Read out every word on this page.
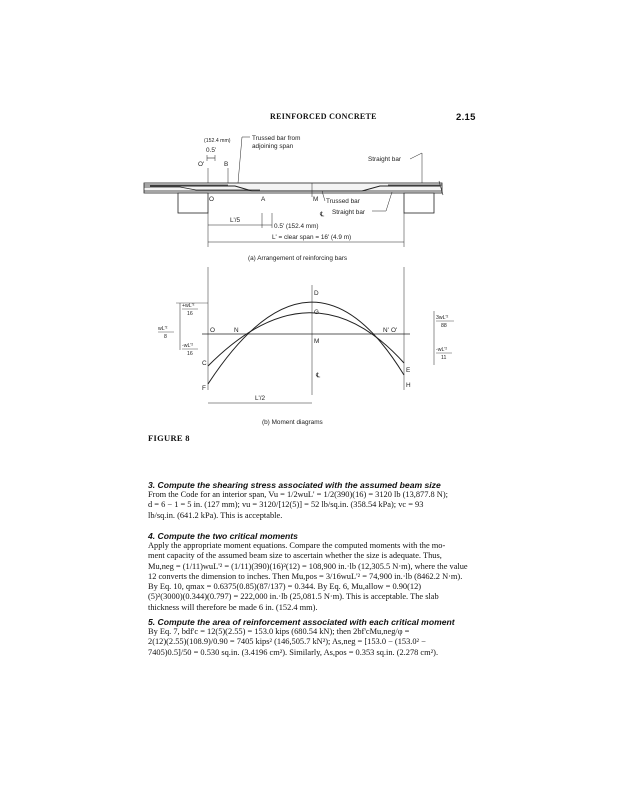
REINFORCED CONCRETE	2.15
(152.4 mm)
0.5'
Trussed bar from
adjoining span
Straight bar
O'	B
O	A	M Trussed bar
℄ Straight bar
L'/5
0.5' (152.4 mm)
L' = clear span = 16' (4.9 m)
(a) Arrangement of reinforcing bars
D
G
O	N
M
N' O'
C
F
E
H
℄
+wL'²
16
wL'²
8
-wL'²
16
3wL'²
88
-wL'²
11
L'/2
(b) Moment diagrams
FIGURE 8
3. Compute the shearing stress associated with the assumed beam size
From the Code for an interior span, Vu = 1/2wuL' = 1/2(390)(16) = 3120 lb (13,877.8 N);
d = 6 − 1 = 5 in. (127 mm); vu = 3120/[12(5)] = 52 lb/sq.in. (358.54 kPa); vc = 93
lb/sq.in. (641.2 kPa). This is acceptable.
4. Compute the two critical moments
Apply the appropriate moment equations. Compare the computed moments with the mo-
ment capacity of the assumed beam size to ascertain whether the size is adequate. Thus,
Mu,neg = (1/11)wuL'² = (1/11)(390)(16)²(12) = 108,900 in.·lb (12,305.5 N·m), where the value
12 converts the dimension to inches. Then Mu,pos = 3/16wuL'² = 74,900 in.·lb (8462.2 N·m).
By Eq. 10, qmax = 0.6375(0.85)(87/137) = 0.344. By Eq. 6, Mu,allow = 0.90(12)
(5)²(3000)(0.344)(0.797) = 222,000 in.·lb (25,081.5 N·m). This is acceptable. The slab
thickness will therefore be made 6 in. (152.4 mm).
5. Compute the area of reinforcement associated with each critical moment
By Eq. 7, bdf'c = 12(5)(2.55) = 153.0 kips (680.54 kN); then 2bf'cMu,neg/φ =
2(12)(2.55)(108.9)/0.90 = 7405 kips² (146,505.7 kN²); As,neg = [153.0 − (153.0² −
7405)0.5]/50 = 0.530 sq.in. (3.4196 cm²). Similarly, As,pos = 0.353 sq.in. (2.278 cm²).
